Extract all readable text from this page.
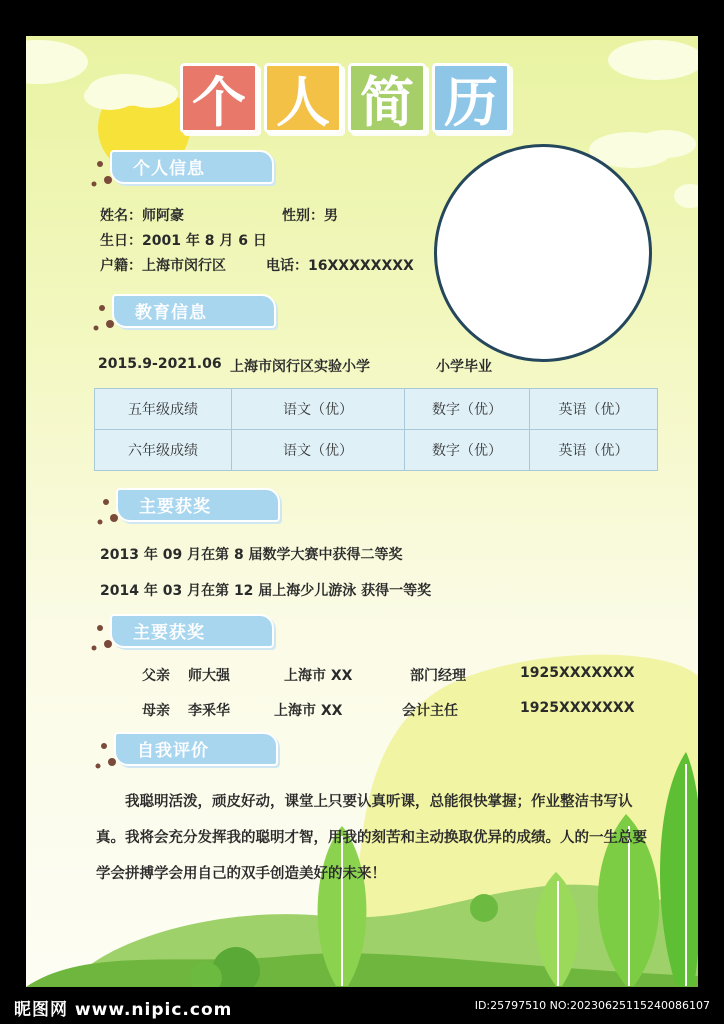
个 人 简 历
个人信息
姓名：师阿豪	性别：男
生日：2001 年 8 月 6 日
户籍：上海市闵行区	电话：16XXXXXXXX
教育信息
2015.9-2021.06 上海市闵行区实验小学	小学毕业
五年级成绩	语文（优）	数字（优）	英语（优）
六年级成绩	语文（优）	数字（优）	英语（优）
主要获奖
2013 年 09 月在第 8 届数学大赛中获得二等奖
2014 年 03 月在第 12 届上海少儿游泳 获得一等奖
主要获奖
父亲 师大强	上海市 XX	部门经理	1925XXXXXXX
母亲 李釆华	上海市 XX	会计主任	1925XXXXXXX
自我评价
我聪明活泼，顽皮好动，课堂上只要认真听课，总能很快掌握；作业整洁书写认真。我将会充分发挥我的聪明才智，用我的刻苦和主动换取优异的成绩。人的一生总要学会拼搏学会用自己的双手创造美好的未来！
昵图网 www.nipic.com	ID:25797510 NO:20230625115240086107
